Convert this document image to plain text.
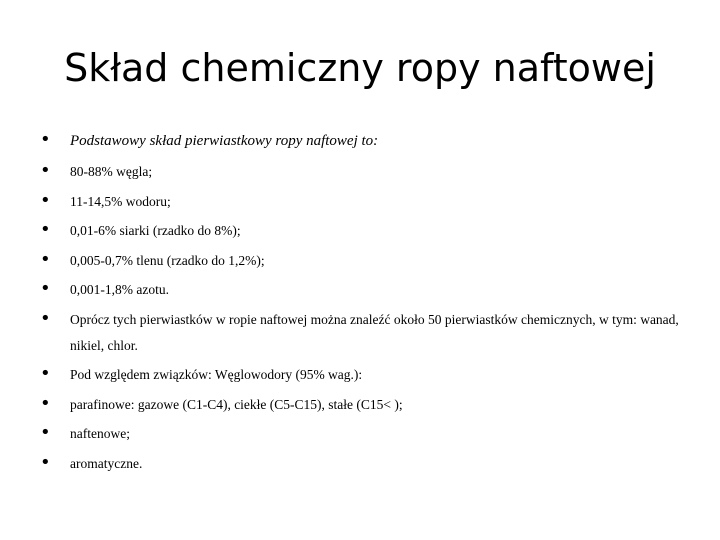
Skład chemiczny ropy naftowej
• Podstawowy skład pierwiastkowy ropy naftowej to:
• 80-88% węgla;
• 11-14,5% wodoru;
• 0,01-6% siarki (rzadko do 8%);
• 0,005-0,7% tlenu (rzadko do 1,2%);
• 0,001-1,8% azotu.
• Oprócz tych pierwiastków w ropie naftowej można znaleźć około 50 pierwiastków chemicznych, w tym: wanad, nikiel, chlor.
• Pod względem związków: Węglowodory (95% wag.):
• parafinowe: gazowe (C1-C4), ciekłe (C5-C15), stałe (C15< );
• naftenowe;
• aromatyczne.
